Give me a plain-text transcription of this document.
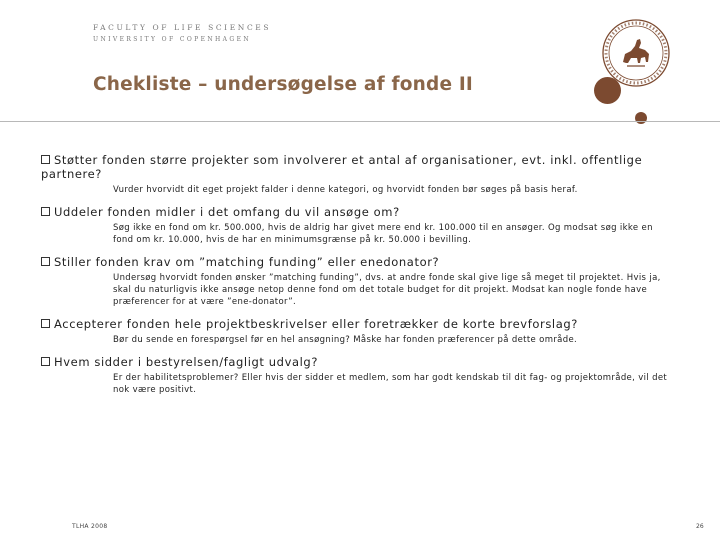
FACULTY OF LIFE SCIENCES
UNIVERSITY OF COPENHAGEN
Chekliste – undersøgelse af fonde II
Støtter fonden større projekter som involverer et antal af organisationer, evt. inkl. offentlige partnere?
Vurder hvorvidt dit eget projekt falder i denne kategori, og hvorvidt fonden bør søges på basis heraf.
Uddeler fonden midler i det omfang du vil ansøge om?
Søg ikke en fond om kr. 500.000, hvis de aldrig har givet mere end kr. 100.000 til en ansøger. Og modsat søg ikke en fond om kr. 10.000, hvis de har en minimumsgrænse på kr. 50.000 i bevilling.
Stiller fonden krav om ”matching funding” eller enedonator?
Undersøg hvorvidt fonden ønsker ”matching funding”, dvs. at andre fonde skal give lige så meget til projektet. Hvis ja, skal du naturligvis ikke ansøge netop denne fond om det totale budget for dit projekt. Modsat kan nogle fonde have præferencer for at være ”ene-donator”.
Accepterer fonden hele projektbeskrivelser eller foretrækker de korte brevforslag?
Bør du sende en forespørgsel før en hel ansøgning? Måske har fonden præferencer på dette område.
Hvem sidder i bestyrelsen/fagligt udvalg?
Er der habilitetsproblemer? Eller hvis der sidder et medlem, som har godt kendskab til dit fag- og projektområde, vil det nok være positivt.
TLHA 2008	26
